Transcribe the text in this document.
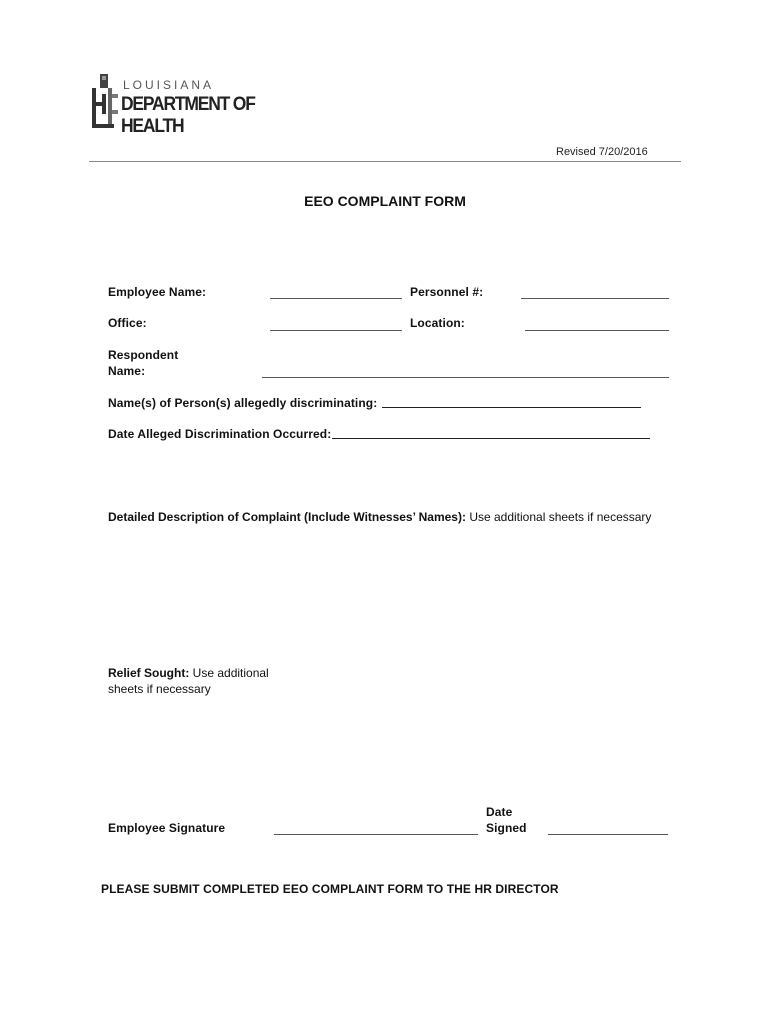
LOUISIANA
DEPARTMENT OF HEALTH
Revised 7/20/2016
EEO COMPLAINT FORM
Employee Name:	Personnel #:
Office:	Location:
Respondent
Name:
Name(s) of Person(s) allegedly discriminating:
Date Alleged Discrimination Occurred:
Detailed Description of Complaint (Include Witnesses’ Names): Use additional sheets if necessary
Relief Sought: Use additional
sheets if necessary
Employee Signature
Date
Signed
PLEASE SUBMIT COMPLETED EEO COMPLAINT FORM TO THE HR DIRECTOR
